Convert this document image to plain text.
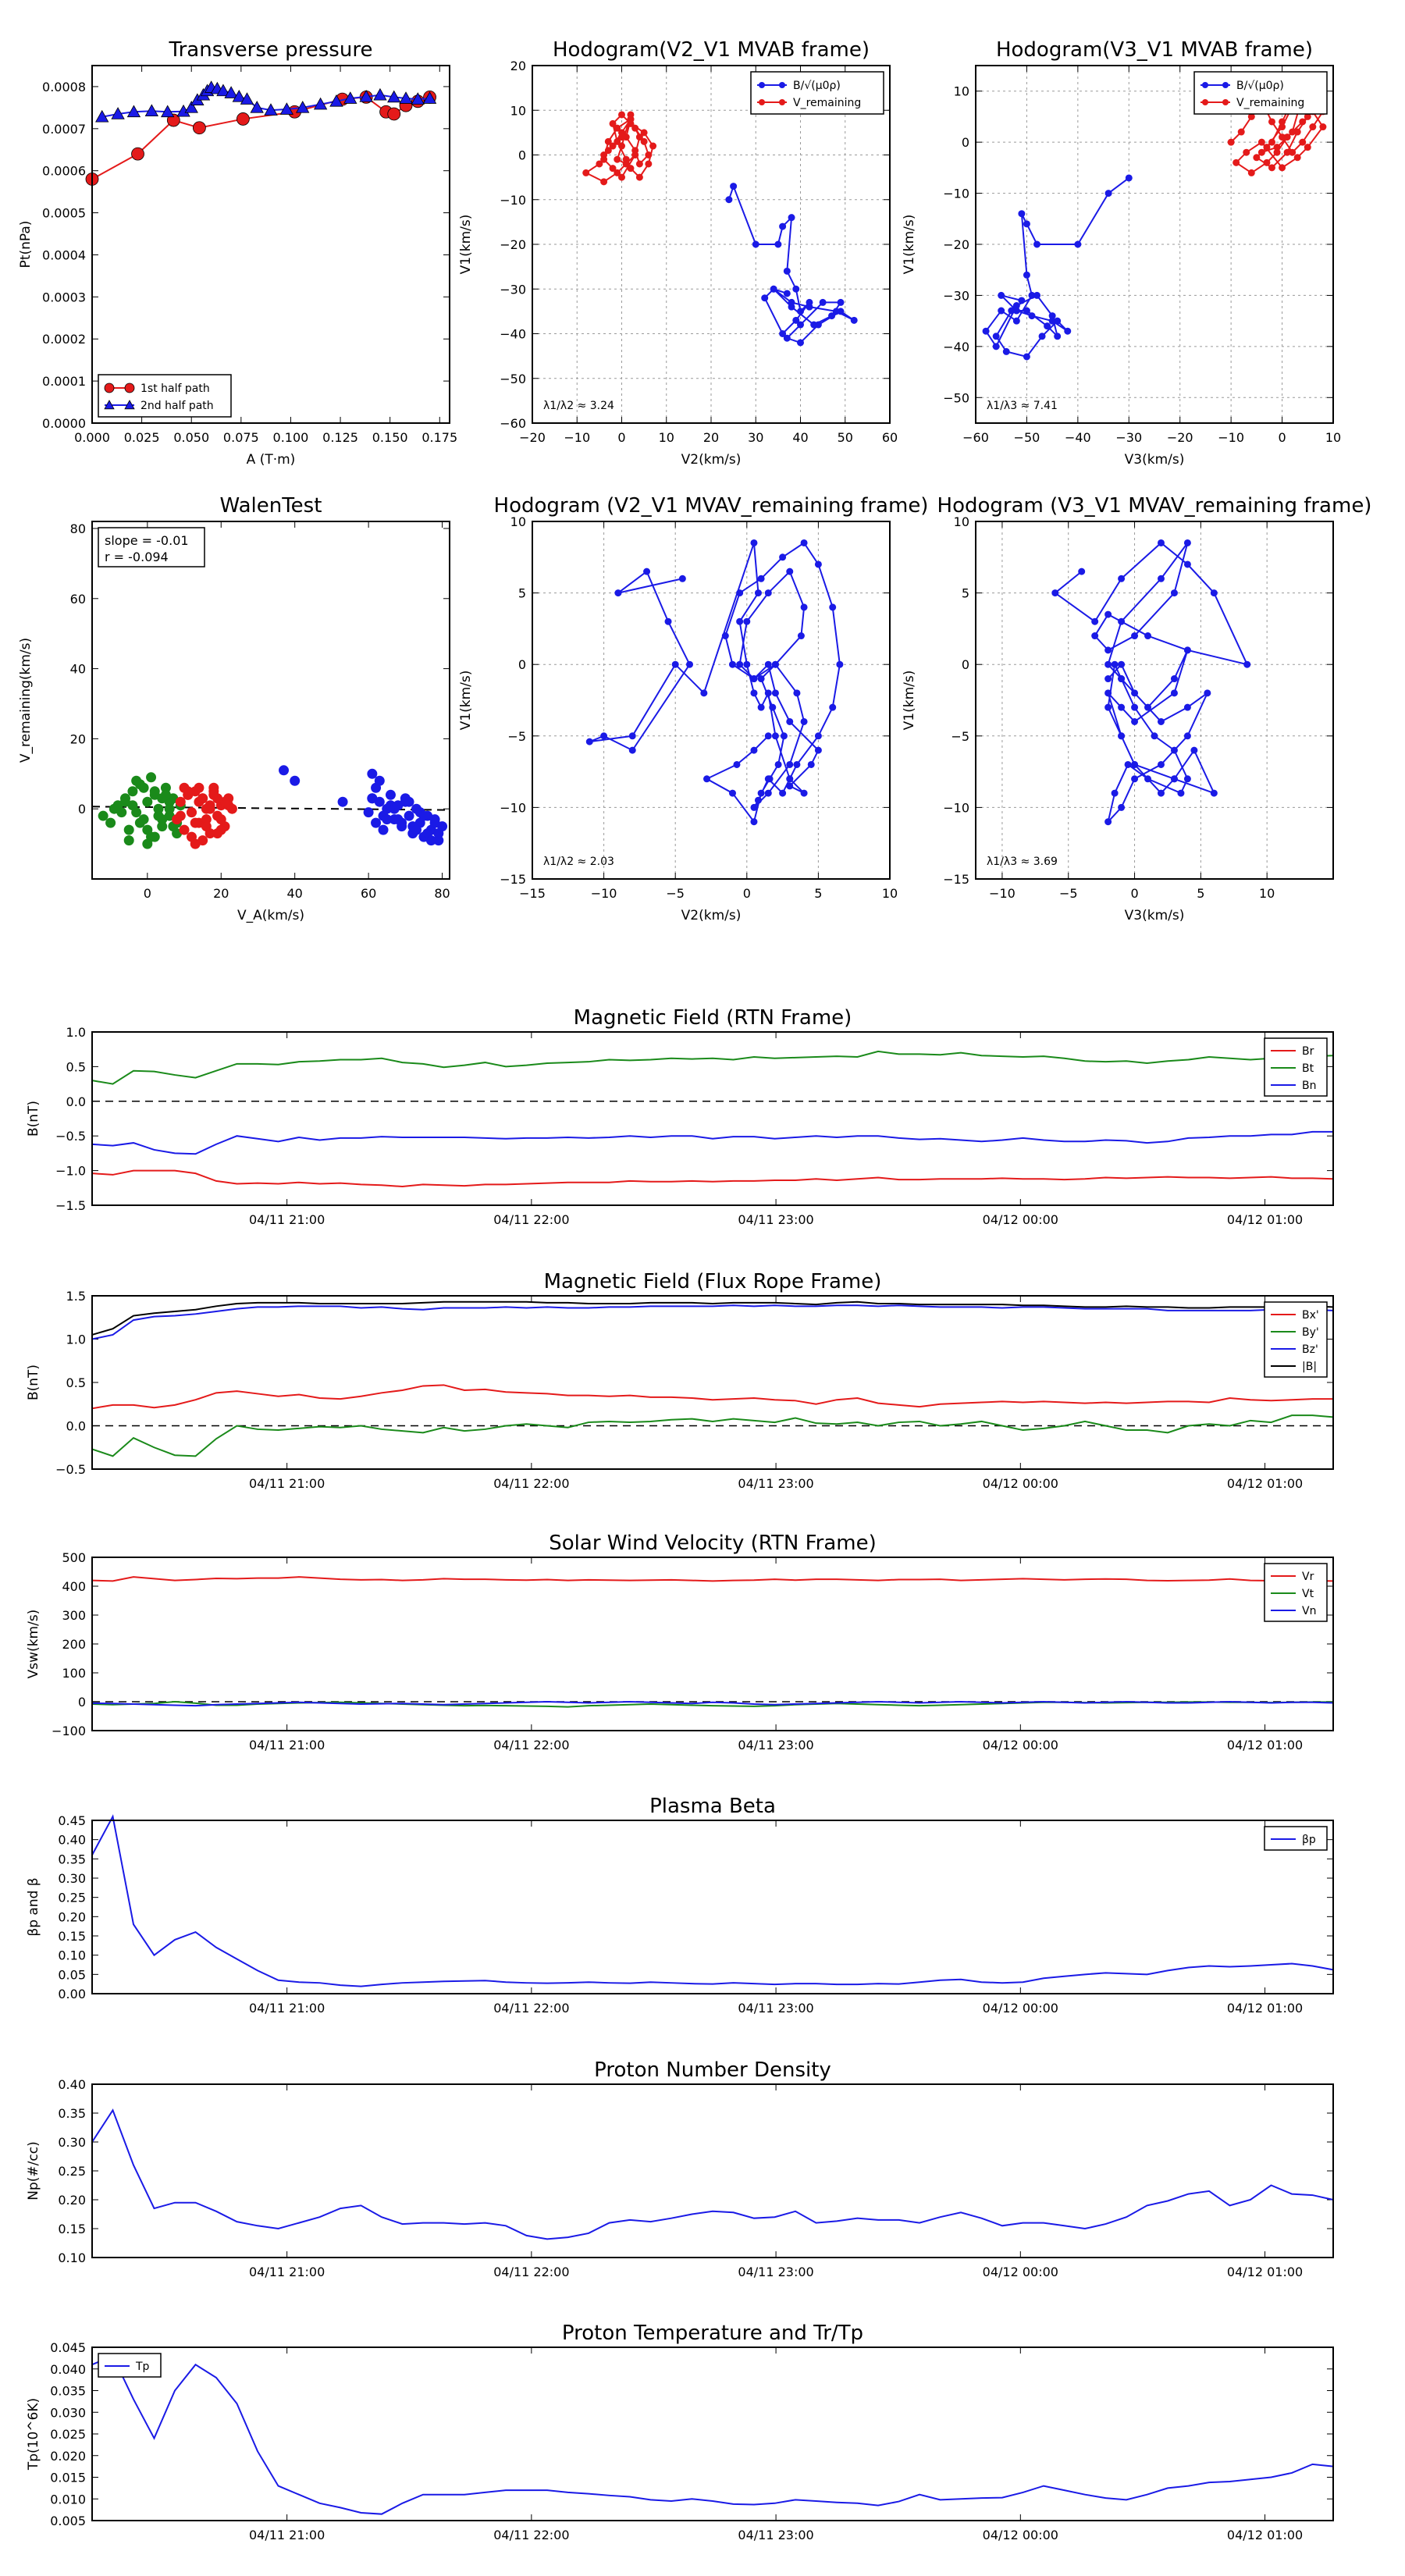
0.000 0.025 0.050 0.075 0.100 0.125 0.150 0.175
0.0000
0.0001
0.0002
0.0003
0.0004
0.0005
0.0006
0.0007
0.0008
Transverse pressure
A (T·m)
Pt(nPa)
1st half path
2nd half path
−20 −10 0	10 20 30 40 50 60
−60
−50
−40
−30
−20
−10
0
10
20
Hodogram(V2_V1 MVAB frame)
V2(km/s)
V1(km/s)
λ1/λ2 ≈ 3.24
B/√(μ0ρ)
V_remaining
−60 −50 −40 −30 −20 −10	0	10
−50
−40
−30
−20
−10
0
10
Hodogram(V3_V1 MVAB frame)
V3(km/s)
V1(km/s)
λ1/λ3 ≈ 7.41
B/√(μ0ρ)
V_remaining
0	20	40	60	80
0
20
40
60
80
WalenTest
V_A(km/s)
V_remaining(km/s)
slope = -0.01
r = -0.094
−15	−10	−5	0	5	10
−15
−10
−5
0
5
10
Hodogram (V2_V1 MVAV_remaining frame)
V2(km/s)
V1(km/s)
λ1/λ2 ≈ 2.03
−10	−5	0	5	10
−15
−10
−5
0
5
10
Hodogram (V3_V1 MVAV_remaining frame)
V3(km/s)
V1(km/s)
λ1/λ3 ≈ 3.69
−1.5
−1.0
−0.5
0.0
0.5
1.0
04/11 21:00	04/11 22:00	04/11 23:00	04/12 00:00	04/12 01:00
Magnetic Field (RTN Frame)
B(nT)
Br
Bt
Bn
−0.5
0.0
0.5
1.0
1.5
04/11 21:00	04/11 22:00	04/11 23:00	04/12 00:00	04/12 01:00
Magnetic Field (Flux Rope Frame)
B(nT)
Bx'
By'
Bz'
|B|
−100
0
100
200
300
400
500
04/11 21:00	04/11 22:00	04/11 23:00	04/12 00:00	04/12 01:00
Solar Wind Velocity (RTN Frame)
Vsw(km/s)
Vr
Vt
Vn
0.00
0.05
0.10
0.15
0.20
0.25
0.30
0.35
0.40
0.45
04/11 21:00	04/11 22:00	04/11 23:00	04/12 00:00	04/12 01:00
Plasma Beta
βp and β
βp
0.10
0.15
0.20
0.25
0.30
0.35
0.40
04/11 21:00	04/11 22:00	04/11 23:00	04/12 00:00	04/12 01:00
Proton Number Density
Np(#/cc)
0.005
0.010
0.015
0.020
0.025
0.030
0.035
0.040
0.045
04/11 21:00	04/11 22:00	04/11 23:00	04/12 00:00	04/12 01:00
Proton Temperature and Tr/Tp
Tp(10^6K)
Tp
